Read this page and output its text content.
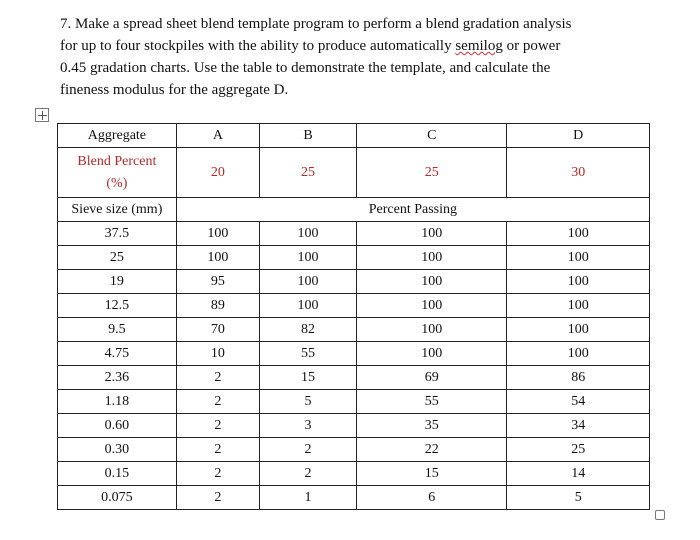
7. Make a spread sheet blend template program to perform a blend gradation analysis
for up to four stockpiles with the ability to produce automatically semilog or power
0.45 gradation charts. Use the table to demonstrate the template, and calculate the
fineness modulus for the aggregate D.
Aggregate	A	B	C	D
Blend Percent (%)	20	25	25	30
Sieve size (mm)	Percent Passing			
37.5	100	100	100	100
25	100	100	100	100
19	95	100	100	100
12.5	89	100	100	100
9.5	70	82	100	100
4.75	10	55	100	100
2.36	2	15	69	86
1.18	2	5	55	54
0.60	2	3	35	34
0.30	2	2	22	25
0.15	2	2	15	14
0.075	2	1	6	5
